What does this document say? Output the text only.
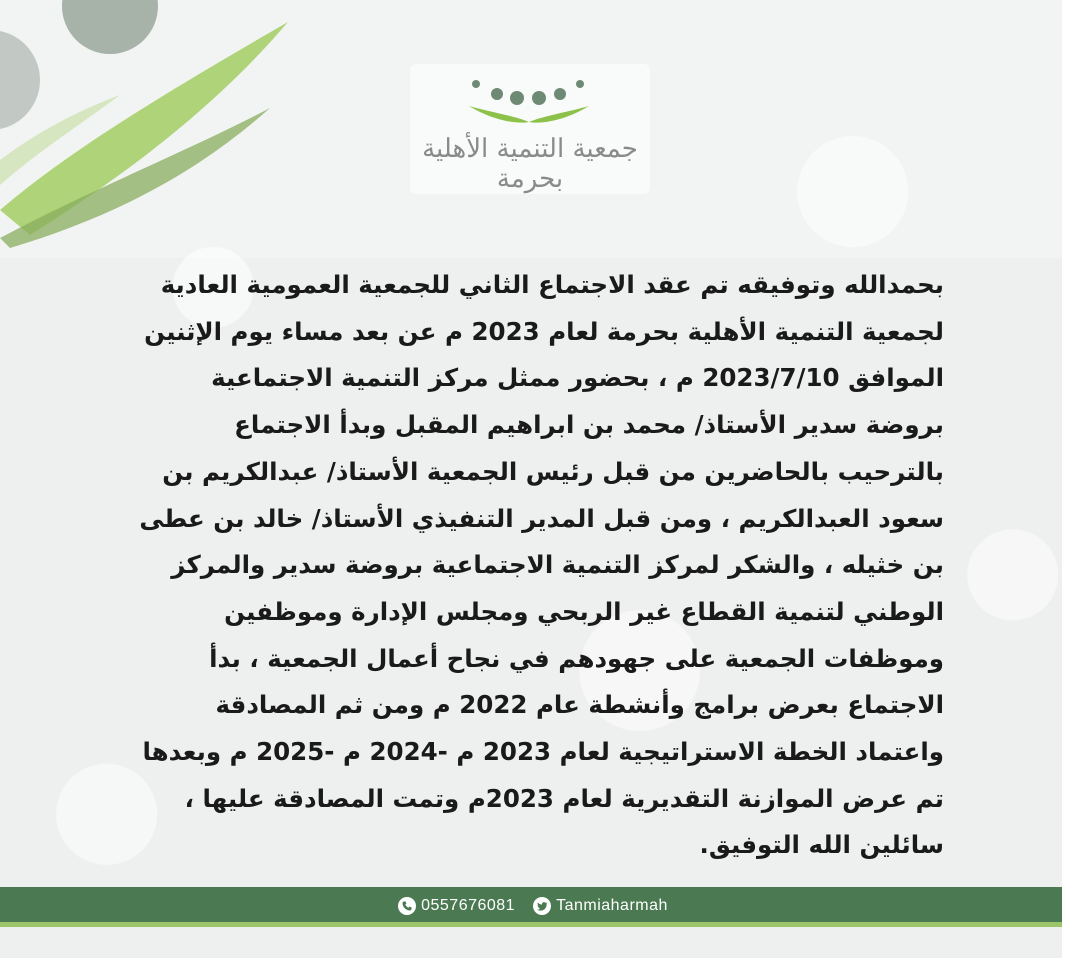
جمعية التنمية الأهلية بحرمة
بحمدالله وتوفيقه تم عقد الاجتماع الثاني للجمعية العمومية العادية لجمعية التنمية الأهلية بحرمة لعام 2023 م عن بعد مساء يوم الإثنين الموافق 2023/7/10 م ، بحضور ممثل مركز التنمية الاجتماعية بروضة سدير الأستاذ/ محمد بن ابراهيم المقبل وبدأ الاجتماع بالترحيب بالحاضرين من قبل رئيس الجمعية الأستاذ/ عبدالكريم بن سعود العبدالكريم ، ومن قبل المدير التنفيذي الأستاذ/ خالد بن عطى بن خثيله ، والشكر لمركز التنمية الاجتماعية بروضة سدير والمركز الوطني لتنمية القطاع غير الربحي ومجلس الإدارة وموظفين وموظفات الجمعية على جهودهم في نجاح أعمال الجمعية ، بدأ الاجتماع بعرض برامج وأنشطة عام 2022 م ومن ثم المصادقة واعتماد الخطة الاستراتيجية لعام 2023 م -2024 م -2025 م وبعدها تم عرض الموازنة التقديرية لعام 2023م وتمت المصادقة عليها ، سائلين الله التوفيق.
0557676081	Tanmiaharmah
